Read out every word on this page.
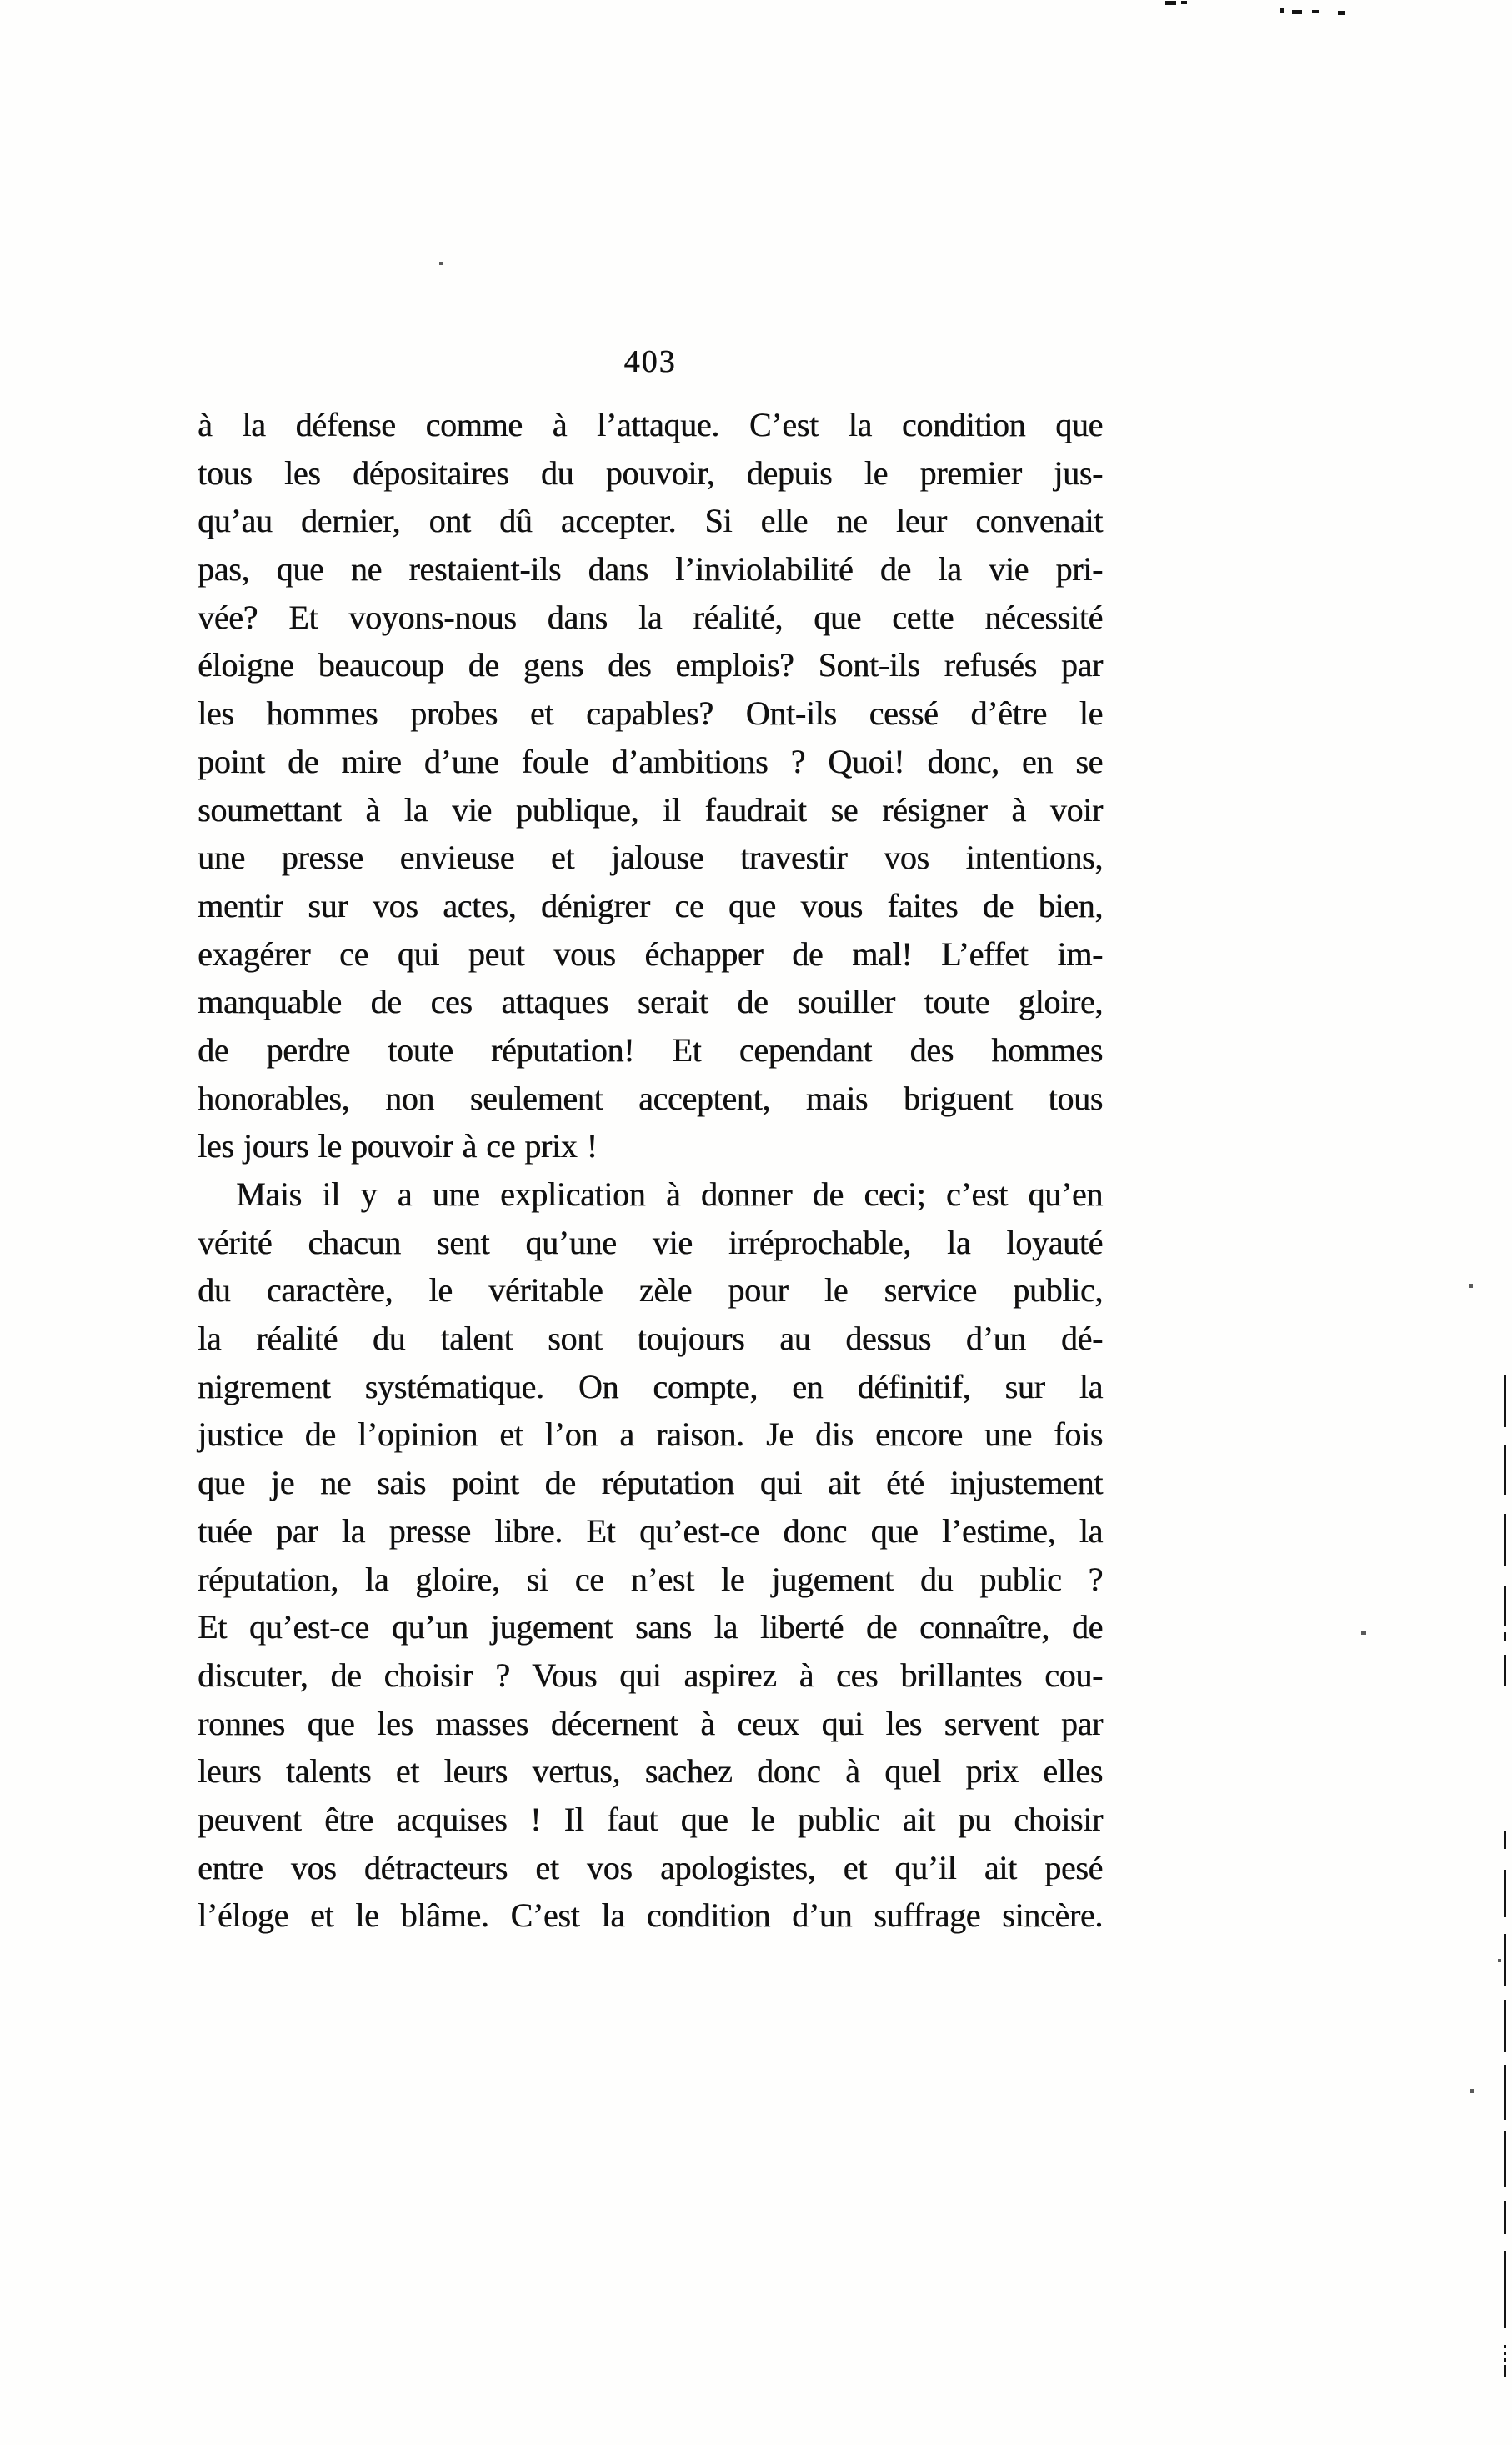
403
à la défense comme à l’attaque. C’est la condition que
tous les dépositaires du pouvoir, depuis le premier jus-
qu’au dernier, ont dû accepter. Si elle ne leur convenait
pas, que ne restaient-ils dans l’inviolabilité de la vie pri-
vée? Et voyons-nous dans la réalité, que cette nécessité
éloigne beaucoup de gens des emplois? Sont-ils refusés par
les hommes probes et capables? Ont-ils cessé d’être le
point de mire d’une foule d’ambitions ? Quoi! donc, en se
soumettant à la vie publique, il faudrait se résigner à voir
une presse envieuse et jalouse travestir vos intentions,
mentir sur vos actes, dénigrer ce que vous faites de bien,
exagérer ce qui peut vous échapper de mal! L’effet im-
manquable de ces attaques serait de souiller toute gloire,
de perdre toute réputation! Et cependant des hommes
honorables, non seulement acceptent, mais briguent tous
les jours le pouvoir à ce prix !
Mais il y a une explication à donner de ceci; c’est qu’en
vérité chacun sent qu’une vie irréprochable, la loyauté
du caractère, le véritable zèle pour le service public,
la réalité du talent sont toujours au dessus d’un dé-
nigrement systématique. On compte, en définitif, sur la
justice de l’opinion et l’on a raison. Je dis encore une fois
que je ne sais point de réputation qui ait été injustement
tuée par la presse libre. Et qu’est-ce donc que l’estime, la
réputation, la gloire, si ce n’est le jugement du public ?
Et qu’est-ce qu’un jugement sans la liberté de connaître, de
discuter, de choisir ? Vous qui aspirez à ces brillantes cou-
ronnes que les masses décernent à ceux qui les servent par
leurs talents et leurs vertus, sachez donc à quel prix elles
peuvent être acquises ! Il faut que le public ait pu choisir
entre vos détracteurs et vos apologistes, et qu’il ait pesé
l’éloge et le blâme. C’est la condition d’un suffrage sincère.
